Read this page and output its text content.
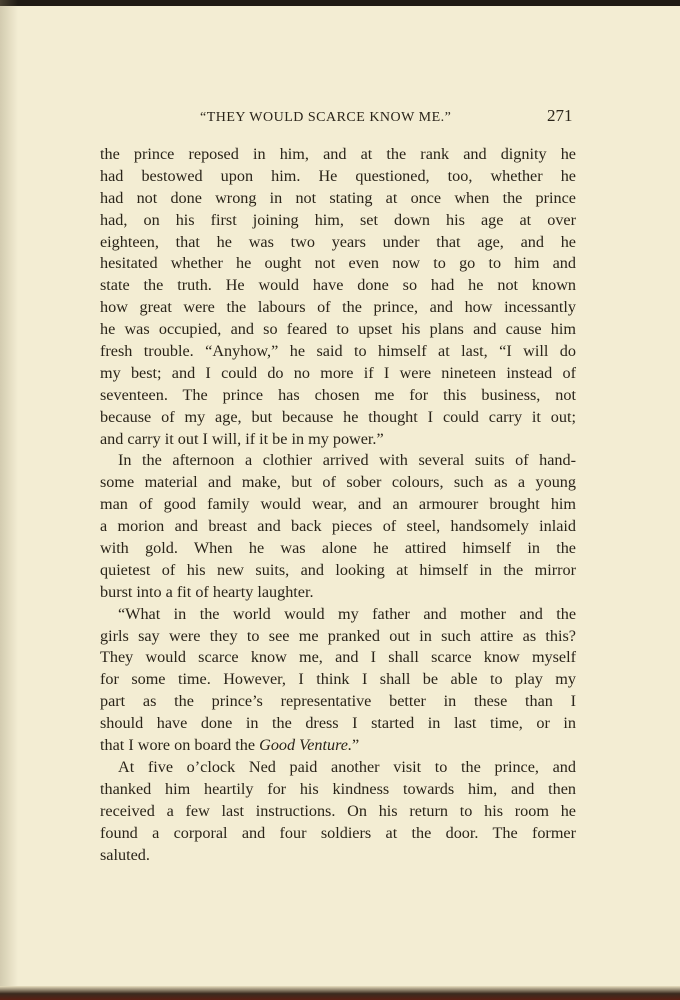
“THEY WOULD SCARCE KNOW ME.”	271
the prince reposed in him, and at the rank and dignity he
had bestowed upon him. He questioned, too, whether he
had not done wrong in not stating at once when the prince
had, on his first joining him, set down his age at over
eighteen, that he was two years under that age, and he
hesitated whether he ought not even now to go to him and
state the truth. He would have done so had he not known
how great were the labours of the prince, and how incessantly
he was occupied, and so feared to upset his plans and cause him
fresh trouble. “Anyhow,” he said to himself at last, “I will do
my best; and I could do no more if I were nineteen instead of
seventeen. The prince has chosen me for this business, not
because of my age, but because he thought I could carry it out;
and carry it out I will, if it be in my power.”
In the afternoon a clothier arrived with several suits of hand-
some material and make, but of sober colours, such as a young
man of good family would wear, and an armourer brought him
a morion and breast and back pieces of steel, handsomely inlaid
with gold. When he was alone he attired himself in the
quietest of his new suits, and looking at himself in the mirror
burst into a fit of hearty laughter.
“What in the world would my father and mother and the
girls say were they to see me pranked out in such attire as this?
They would scarce know me, and I shall scarce know myself
for some time. However, I think I shall be able to play my
part as the prince’s representative better in these than I
should have done in the dress I started in last time, or in
that I wore on board the Good Venture.”
At five o’clock Ned paid another visit to the prince, and
thanked him heartily for his kindness towards him, and then
received a few last instructions. On his return to his room he
found a corporal and four soldiers at the door. The former
saluted.
